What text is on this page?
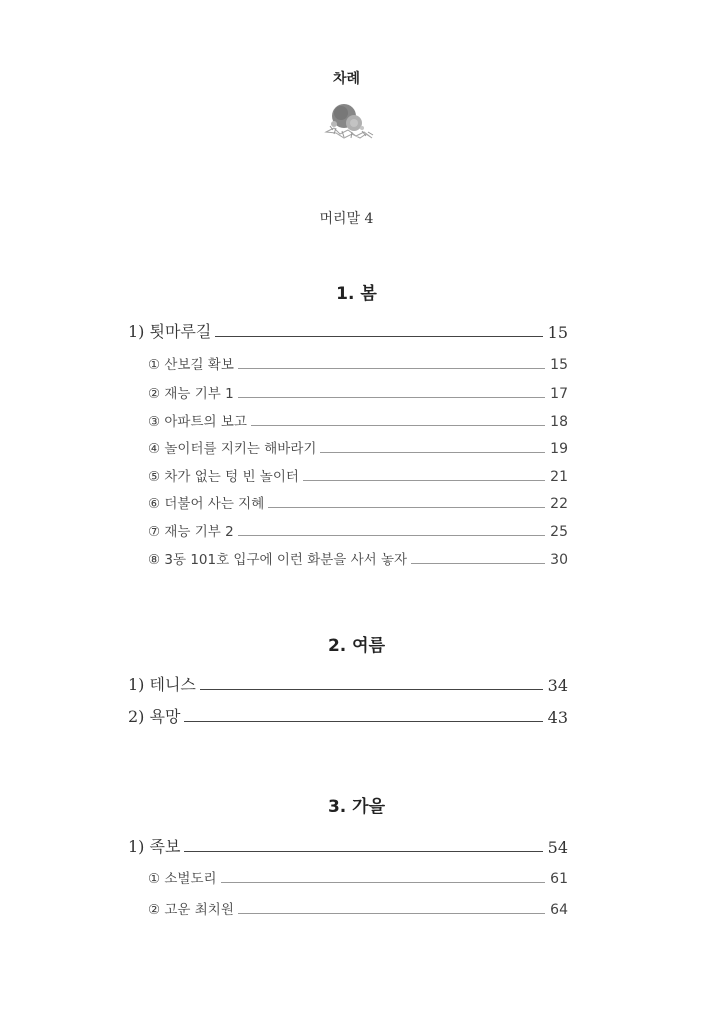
차례
머리말 4
1. 봄
1) 툇마루길	15
① 산보길 확보	15
② 재능 기부 1	17
③ 아파트의 보고	18
④ 놀이터를 지키는 해바라기	19
⑤ 차가 없는 텅 빈 놀이터	21
⑥ 더불어 사는 지혜	22
⑦ 재능 기부 2	25
⑧ 3동 101호 입구에 이런 화분을 사서 놓자	30
2. 여름
1) 테니스	34
2) 욕망	43
3. 가을
1) 족보	54
① 소벌도리	61
② 고운 최치원	64
